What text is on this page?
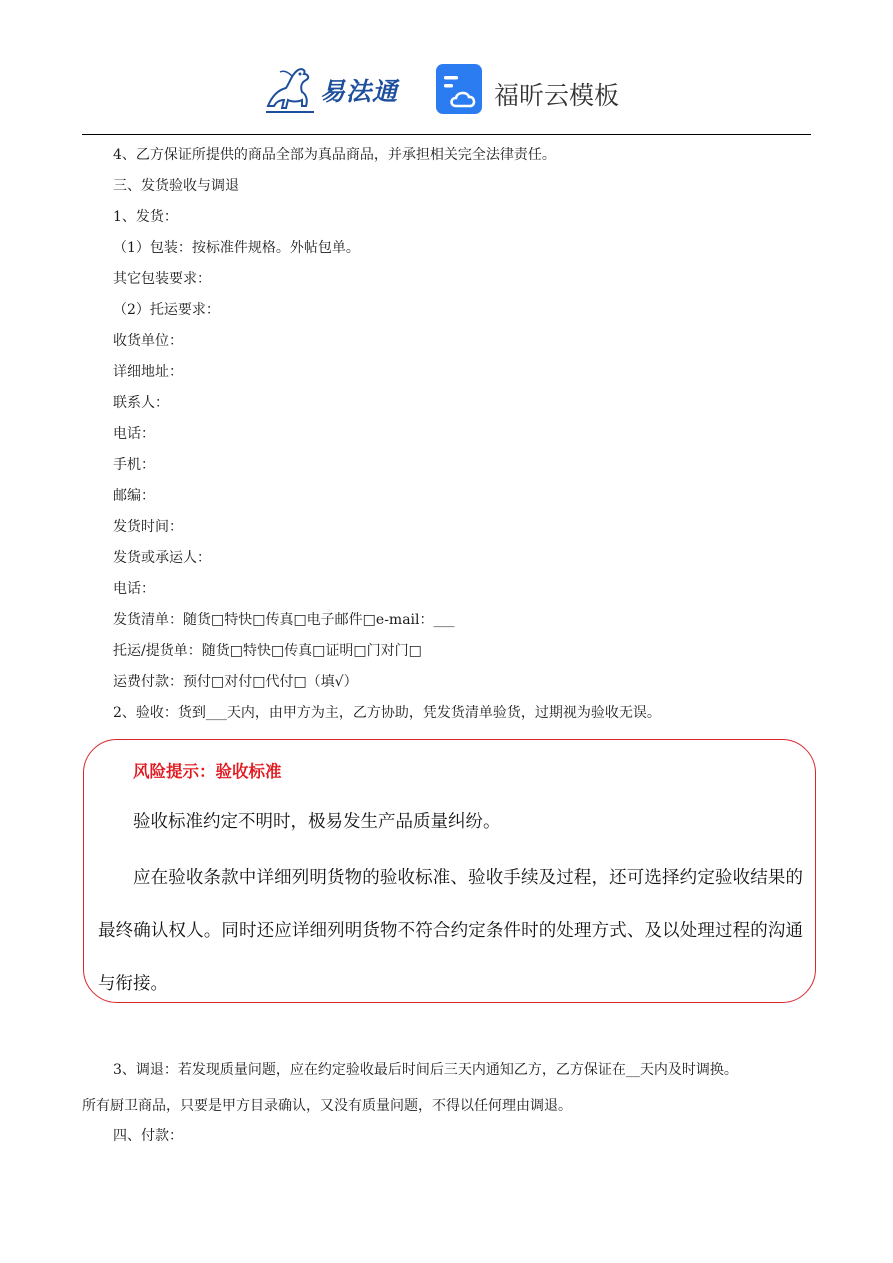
易法通	福昕云模板
4、乙方保证所提供的商品全部为真品商品，并承担相关完全法律责任。
三、发货验收与调退
1、发货：
（1）包装：按标准件规格。外帖包单。
其它包装要求：
（2）托运要求：
收货单位：
详细地址：
联系人：
电话：
手机：
邮编：
发货时间：
发货或承运人：
电话：
发货清单：随货□特快□传真□电子邮件□e-mail：___
托运/提货单：随货□特快□传真□证明□门对门□
运费付款：预付□对付□代付□（填√）
2、验收：货到___天内，由甲方为主，乙方协助，凭发货清单验货，过期视为验收无误。
风险提示：验收标准
验收标准约定不明时，极易发生产品质量纠纷。
应在验收条款中详细列明货物的验收标准、验收手续及过程，还可选择约定验收结果的最终确认权人。同时还应详细列明货物不符合约定条件时的处理方式、及以处理过程的沟通与衔接。
3、调退：若发现质量问题，应在约定验收最后时间后三天内通知乙方，乙方保证在__天内及时调换。
所有厨卫商品，只要是甲方目录确认，又没有质量问题，不得以任何理由调退。
四、付款：
